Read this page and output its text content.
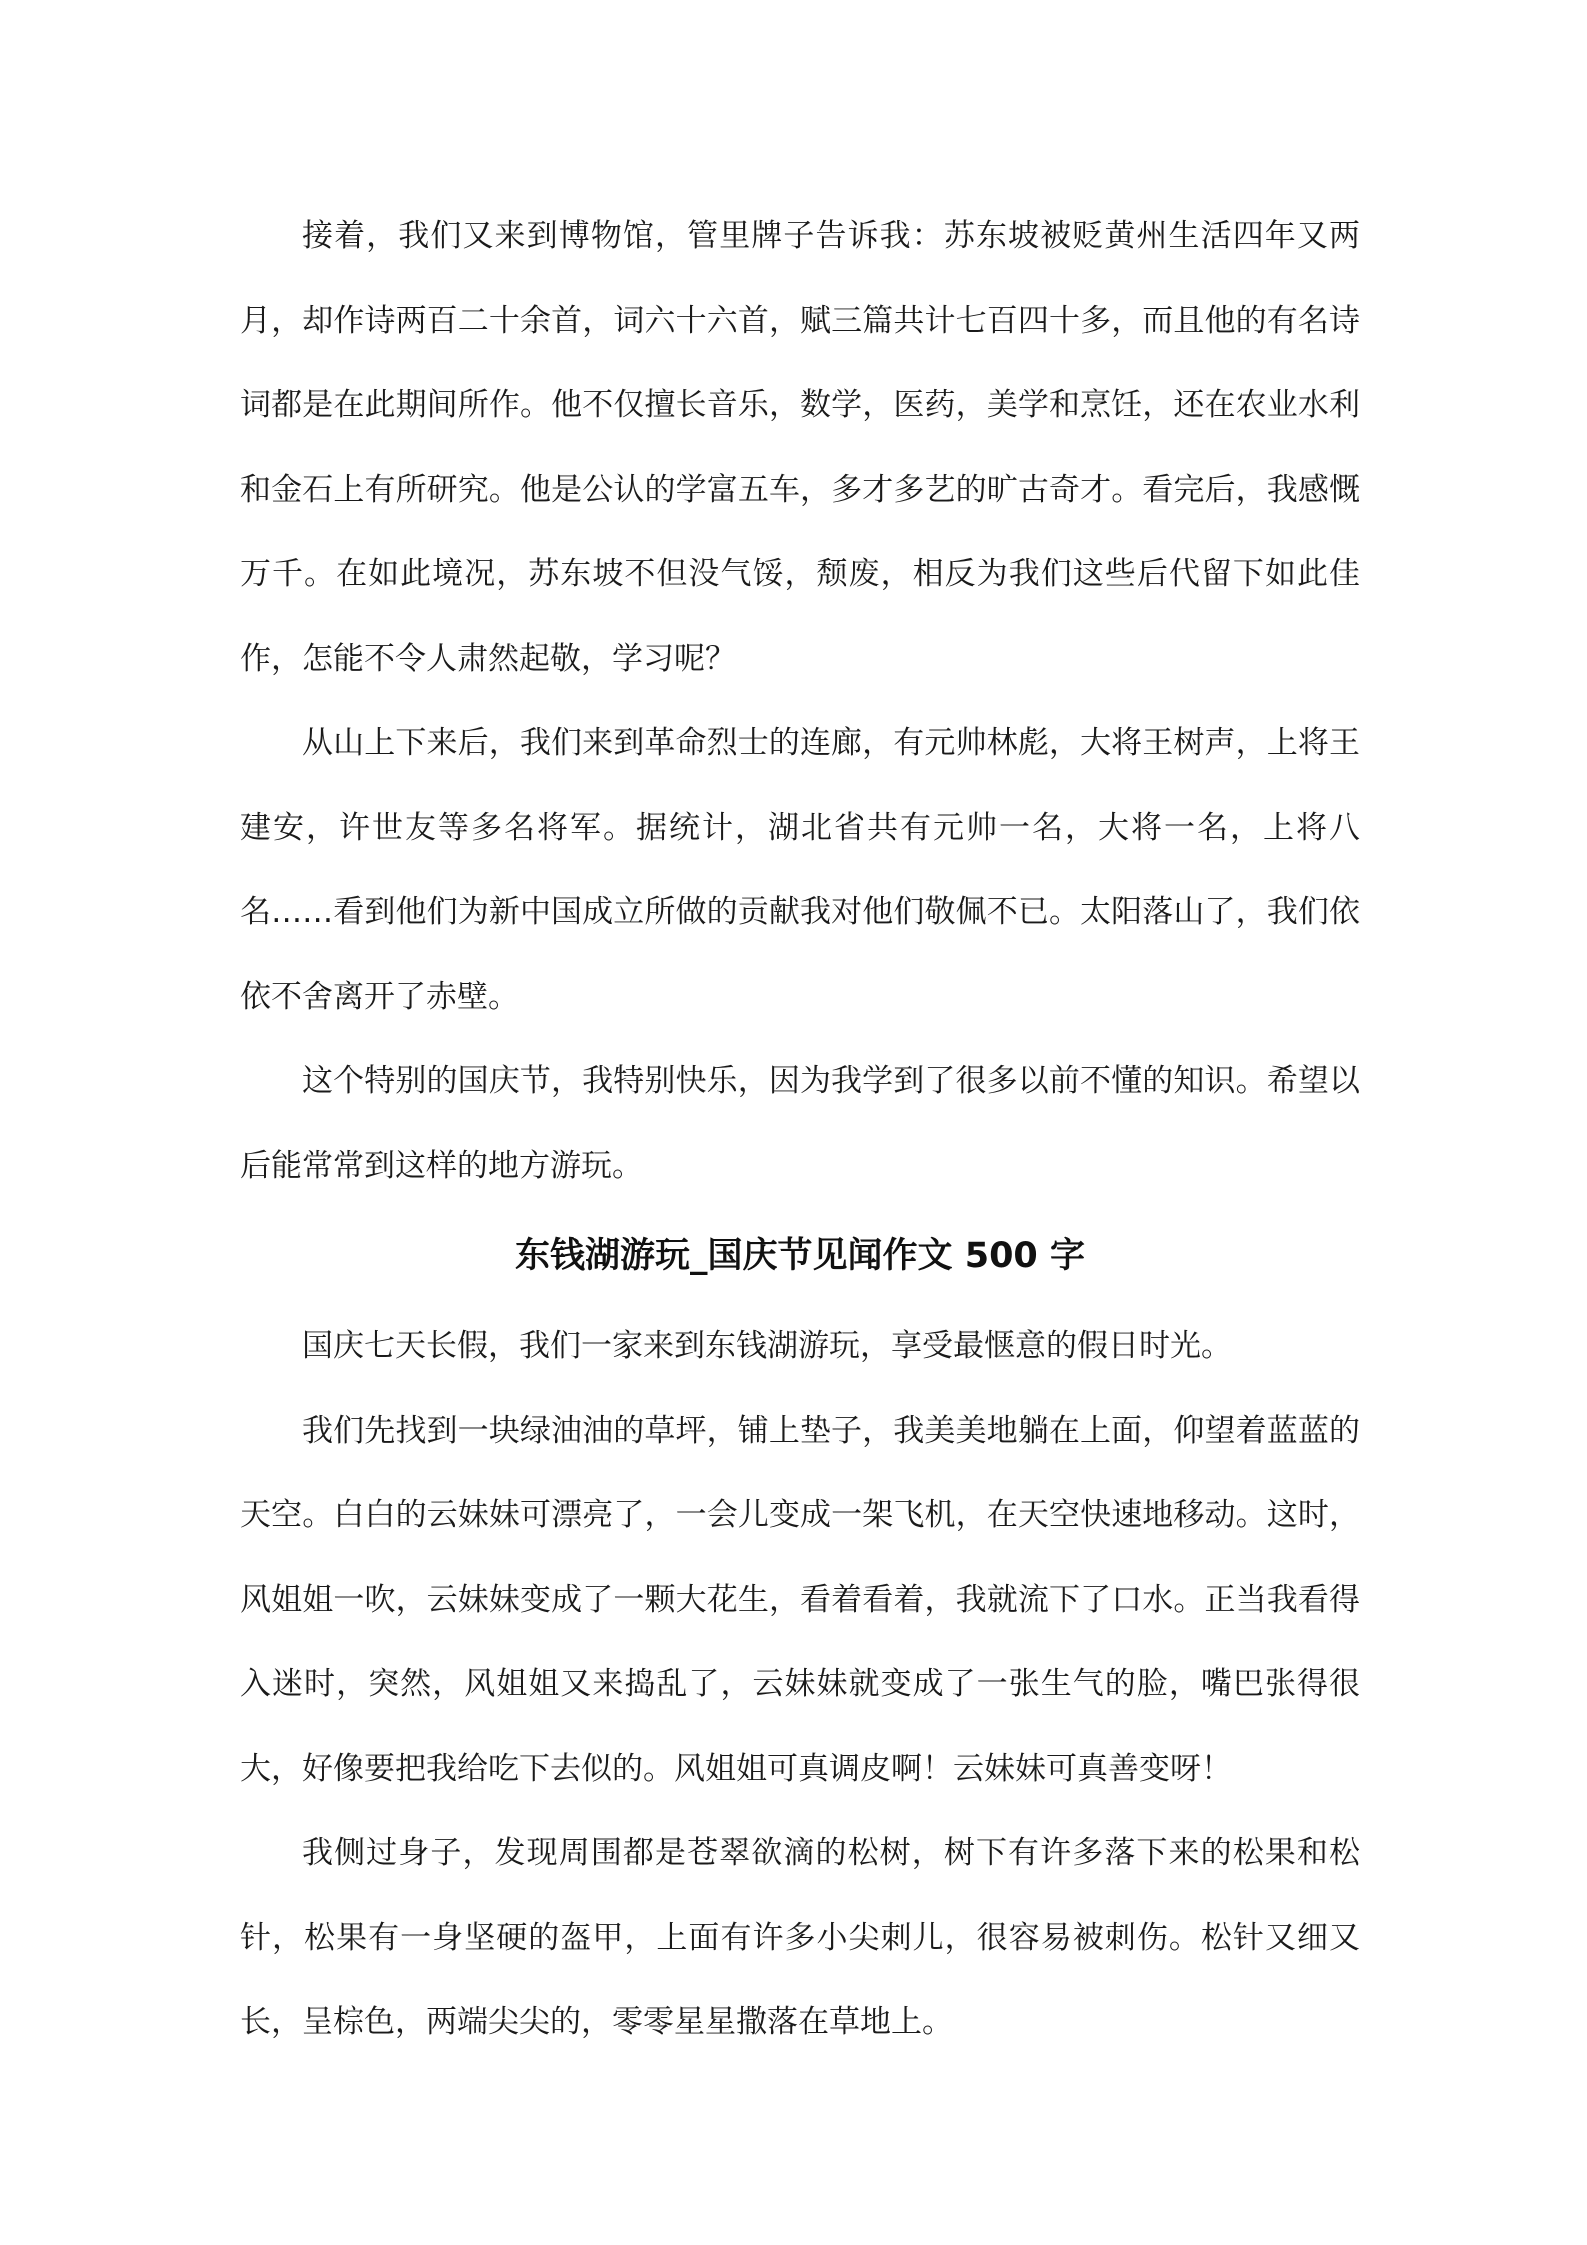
接着，我们又来到博物馆，管里牌子告诉我：苏东坡被贬黄州生活四年又两月，却作诗两百二十余首，词六十六首，赋三篇共计七百四十多，而且他的有名诗词都是在此期间所作。他不仅擅长音乐，数学，医药，美学和烹饪，还在农业水利和金石上有所研究。他是公认的学富五车，多才多艺的旷古奇才。看完后，我感慨万千。在如此境况，苏东坡不但没气馁，颓废，相反为我们这些后代留下如此佳作，怎能不令人肃然起敬，学习呢？

从山上下来后，我们来到革命烈士的连廊，有元帅林彪，大将王树声，上将王建安，许世友等多名将军。据统计，湖北省共有元帅一名，大将一名，上将八名……看到他们为新中国成立所做的贡献我对他们敬佩不已。太阳落山了，我们依依不舍离开了赤壁。

这个特别的国庆节，我特别快乐，因为我学到了很多以前不懂的知识。希望以后能常常到这样的地方游玩。

东钱湖游玩_国庆节见闻作文 500 字

国庆七天长假，我们一家来到东钱湖游玩，享受最惬意的假日时光。

我们先找到一块绿油油的草坪，铺上垫子，我美美地躺在上面，仰望着蓝蓝的天空。白白的云妹妹可漂亮了，一会儿变成一架飞机，在天空快速地移动。这时，风姐姐一吹，云妹妹变成了一颗大花生，看着看着，我就流下了口水。正当我看得入迷时，突然，风姐姐又来捣乱了，云妹妹就变成了一张生气的脸，嘴巴张得很大，好像要把我给吃下去似的。风姐姐可真调皮啊！云妹妹可真善变呀！

我侧过身子，发现周围都是苍翠欲滴的松树，树下有许多落下来的松果和松针，松果有一身坚硬的盔甲，上面有许多小尖刺儿，很容易被刺伤。松针又细又长，呈棕色，两端尖尖的，零零星星撒落在草地上。
